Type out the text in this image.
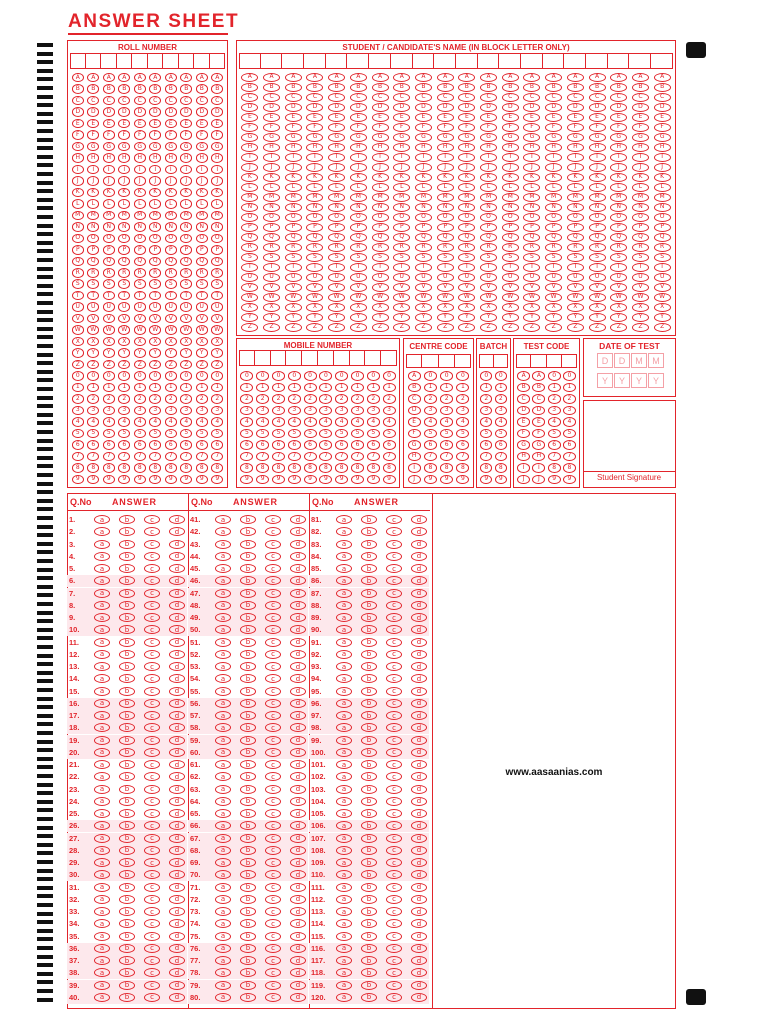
ANSWER SHEET
ROLL NUMBER	STUDENT / CANDIDATE'S NAME (IN BLOCK LETTER ONLY)
MOBILE NUMBER	CENTRE CODE	BATCH	TEST CODE	DATE OF TEST
D	D	M	M
Y	Y	Y	Y
Student Signature
Q.No ANSWER
1.	a	b	c	d
2.	a	b	c	d
3.	a	b	c	d
4.	a	b	c	d
5.	a	b	c	d
6.	a	b	c	d
7.	a	b	c	d
8.	a	b	c	d
9.	a	b	c	d
10.	a	b	c	d
11.	a	b	c	d
12.	a	b	c	d
13.	a	b	c	d
14.	a	b	c	d
15.	a	b	c	d
16.	a	b	c	d
17.	a	b	c	d
18.	a	b	c	d
19.	a	b	c	d
20.	a	b	c	d
21.	a	b	c	d
22.	a	b	c	d
23.	a	b	c	d
24.	a	b	c	d
25.	a	b	c	d
26.	a	b	c	d
27.	a	b	c	d
28.	a	b	c	d
29.	a	b	c	d
30.	a	b	c	d
31.	a	b	c	d
32.	a	b	c	d
33.	a	b	c	d
34.	a	b	c	d
35.	a	b	c	d
36.	a	b	c	d
37.	a	b	c	d
38.	a	b	c	d
39.	a	b	c	d
40.	a	b	c	d
Q.No ANSWER
41.	a	b	c	d
42.	a	b	c	d
43.	a	b	c	d
44.	a	b	c	d
45.	a	b	c	d
46.	a	b	c	d
47.	a	b	c	d
48.	a	b	c	d
49.	a	b	c	d
50.	a	b	c	d
51.	a	b	c	d
52.	a	b	c	d
53.	a	b	c	d
54.	a	b	c	d
55.	a	b	c	d
56.	a	b	c	d
57.	a	b	c	d
58.	a	b	c	d
59.	a	b	c	d
60.	a	b	c	d
61.	a	b	c	d
62.	a	b	c	d
63.	a	b	c	d
64.	a	b	c	d
65.	a	b	c	d
66.	a	b	c	d
67.	a	b	c	d
68.	a	b	c	d
69.	a	b	c	d
70.	a	b	c	d
71.	a	b	c	d
72.	a	b	c	d
73.	a	b	c	d
74.	a	b	c	d
75.	a	b	c	d
76.	a	b	c	d
77.	a	b	c	d
78.	a	b	c	d
79.	a	b	c	d
80.	a	b	c	d
Q.No ANSWER
81.	a	b	c	d
82.	a	b	c	d
83.	a	b	c	d
84.	a	b	c	d
85.	a	b	c	d
86.	a	b	c	d
87.	a	b	c	d
88.	a	b	c	d
89.	a	b	c	d
90.	a	b	c	d
91.	a	b	c	d
92.	a	b	c	d
93.	a	b	c	d
94.	a	b	c	d
95.	a	b	c	d
96.	a	b	c	d
97.	a	b	c	d
98.	a	b	c	d
99.	a	b	c	d
100.	a	b	c	d
101.	a	b	c	d
102.	a	b	c	d
103.	a	b	c	d
104.	a	b	c	d
105.	a	b	c	d
106.	a	b	c	d
107.	a	b	c	d
108.	a	b	c	d
109.	a	b	c	d
110.	a	b	c	d
111.	a	b	c	d
112.	a	b	c	d
113.	a	b	c	d
114.	a	b	c	d
115.	a	b	c	d
116.	a	b	c	d
117.	a	b	c	d
118.	a	b	c	d
119.	a	b	c	d
120.	a	b	c	d
www.aasaanias.com
A	A	A	A	A	A	A	A	A	A
B	B	B	B	B	B	B	B	B	B
C	C	C	C	C	C	C	C	C	C
D	D	D	D	D	D	D	D	D	D
E	E	E	E	E	E	E	E	E	E
F	F	F	F	F	F	F	F	F	F
G	G	G	G	G	G	G	G	G	G
H	H	H	H	H	H	H	H	H	H
I	I	I	I	I	I	I	I	I	I
J	J	J	J	J	J	J	J	J	J
K	K	K	K	K	K	K	K	K	K
L	L	L	L	L	L	L	L	L	L
M	M	M	M	M	M	M	M	M	M
N	N	N	N	N	N	N	N	N	N
O	O	O	O	O	O	O	O	O	O
P	P	P	P	P	P	P	P	P	P
Q	Q	Q	Q	Q	Q	Q	Q	Q	Q
R	R	R	R	R	R	R	R	R	R
S	S	S	S	S	S	S	S	S	S
T	T	T	T	T	T	T	T	T	T
U	U	U	U	U	U	U	U	U	U
V	V	V	V	V	V	V	V	V	V
W	W	W	W	W	W	W	W	W	W
X	X	X	X	X	X	X	X	X	X
Y	Y	Y	Y	Y	Y	Y	Y	Y	Y
Z	Z	Z	Z	Z	Z	Z	Z	Z	Z
0	0	0	0	0	0	0	0	0	0
1	1	1	1	1	1	1	1	1	1
2	2	2	2	2	2	2	2	2	2
3	3	3	3	3	3	3	3	3	3
4	4	4	4	4	4	4	4	4	4
5	5	5	5	5	5	5	5	5	5
6	6	6	6	6	6	6	6	6	6
7	7	7	7	7	7	7	7	7	7
8	8	8	8	8	8	8	8	8	8
9	9	9	9	9	9	9	9	9	9
A	A	A	A	A	A	A	A	A	A	A	A	A	A	A	A	A	A	A	A
B	B	B	B	B	B	B	B	B	B	B	B	B	B	B	B	B	B	B	B
C	C	C	C	C	C	C	C	C	C	C	C	C	C	C	C	C	C	C	C
D	D	D	D	D	D	D	D	D	D	D	D	D	D	D	D	D	D	D	D
E	E	E	E	E	E	E	E	E	E	E	E	E	E	E	E	E	E	E	E
F	F	F	F	F	F	F	F	F	F	F	F	F	F	F	F	F	F	F	F
G	G	G	G	G	G	G	G	G	G	G	G	G	G	G	G	G	G	G	G
H	H	H	H	H	H	H	H	H	H	H	H	H	H	H	H	H	H	H	H
I	I	I	I	I	I	I	I	I	I	I	I	I	I	I	I	I	I	I	I
J	J	J	J	J	J	J	J	J	J	J	J	J	J	J	J	J	J	J	J
K	K	K	K	K	K	K	K	K	K	K	K	K	K	K	K	K	K	K	K
L	L	L	L	L	L	L	L	L	L	L	L	L	L	L	L	L	L	L	L
M	M	M	M	M	M	M	M	M	M	M	M	M	M	M	M	M	M	M	M
N	N	N	N	N	N	N	N	N	N	N	N	N	N	N	N	N	N	N	N
O	O	O	O	O	O	O	O	O	O	O	O	O	O	O	O	O	O	O	O
P	P	P	P	P	P	P	P	P	P	P	P	P	P	P	P	P	P	P	P
Q	Q	Q	Q	Q	Q	Q	Q	Q	Q	Q	Q	Q	Q	Q	Q	Q	Q	Q	Q
R	R	R	R	R	R	R	R	R	R	R	R	R	R	R	R	R	R	R	R
S	S	S	S	S	S	S	S	S	S	S	S	S	S	S	S	S	S	S	S
T	T	T	T	T	T	T	T	T	T	T	T	T	T	T	T	T	T	T	T
U	U	U	U	U	U	U	U	U	U	U	U	U	U	U	U	U	U	U	U
V	V	V	V	V	V	V	V	V	V	V	V	V	V	V	V	V	V	V	V
W	W	W	W	W	W	W	W	W	W	W	W	W	W	W	W	W	W	W	W
X	X	X	X	X	X	X	X	X	X	X	X	X	X	X	X	X	X	X	X
Y	Y	Y	Y	Y	Y	Y	Y	Y	Y	Y	Y	Y	Y	Y	Y	Y	Y	Y	Y
Z	Z	Z	Z	Z	Z	Z	Z	Z	Z	Z	Z	Z	Z	Z	Z	Z	Z	Z	Z
0	0	0	0	0	0	0	0	0	0
1	1	1	1	1	1	1	1	1	1
2	2	2	2	2	2	2	2	2	2
3	3	3	3	3	3	3	3	3	3
4	4	4	4	4	4	4	4	4	4
5	5	5	5	5	5	5	5	5	5
6	6	6	6	6	6	6	6	6	6
7	7	7	7	7	7	7	7	7	7
8	8	8	8	8	8	8	8	8	8
9	9	9	9	9	9	9	9	9	9
A	0	0	0
B	1	1	1
C	2	2	2
D	3	3	3
E	4	4	4
F	5	5	5
G	6	6	6
H	7	7	7
I	8	8	8
J	9	9	9
0	0
1	1
2	2
3	3
4	4
5	5
6	6
7	7
8	8
9	9
A	A	0	0
B	B	1	1
C	C	2	2
D	D	3	3
E	E	4	4
F	F	5	5
G	G	6	6
H	H	7	7
I	I	8	8
J	J	9	9
